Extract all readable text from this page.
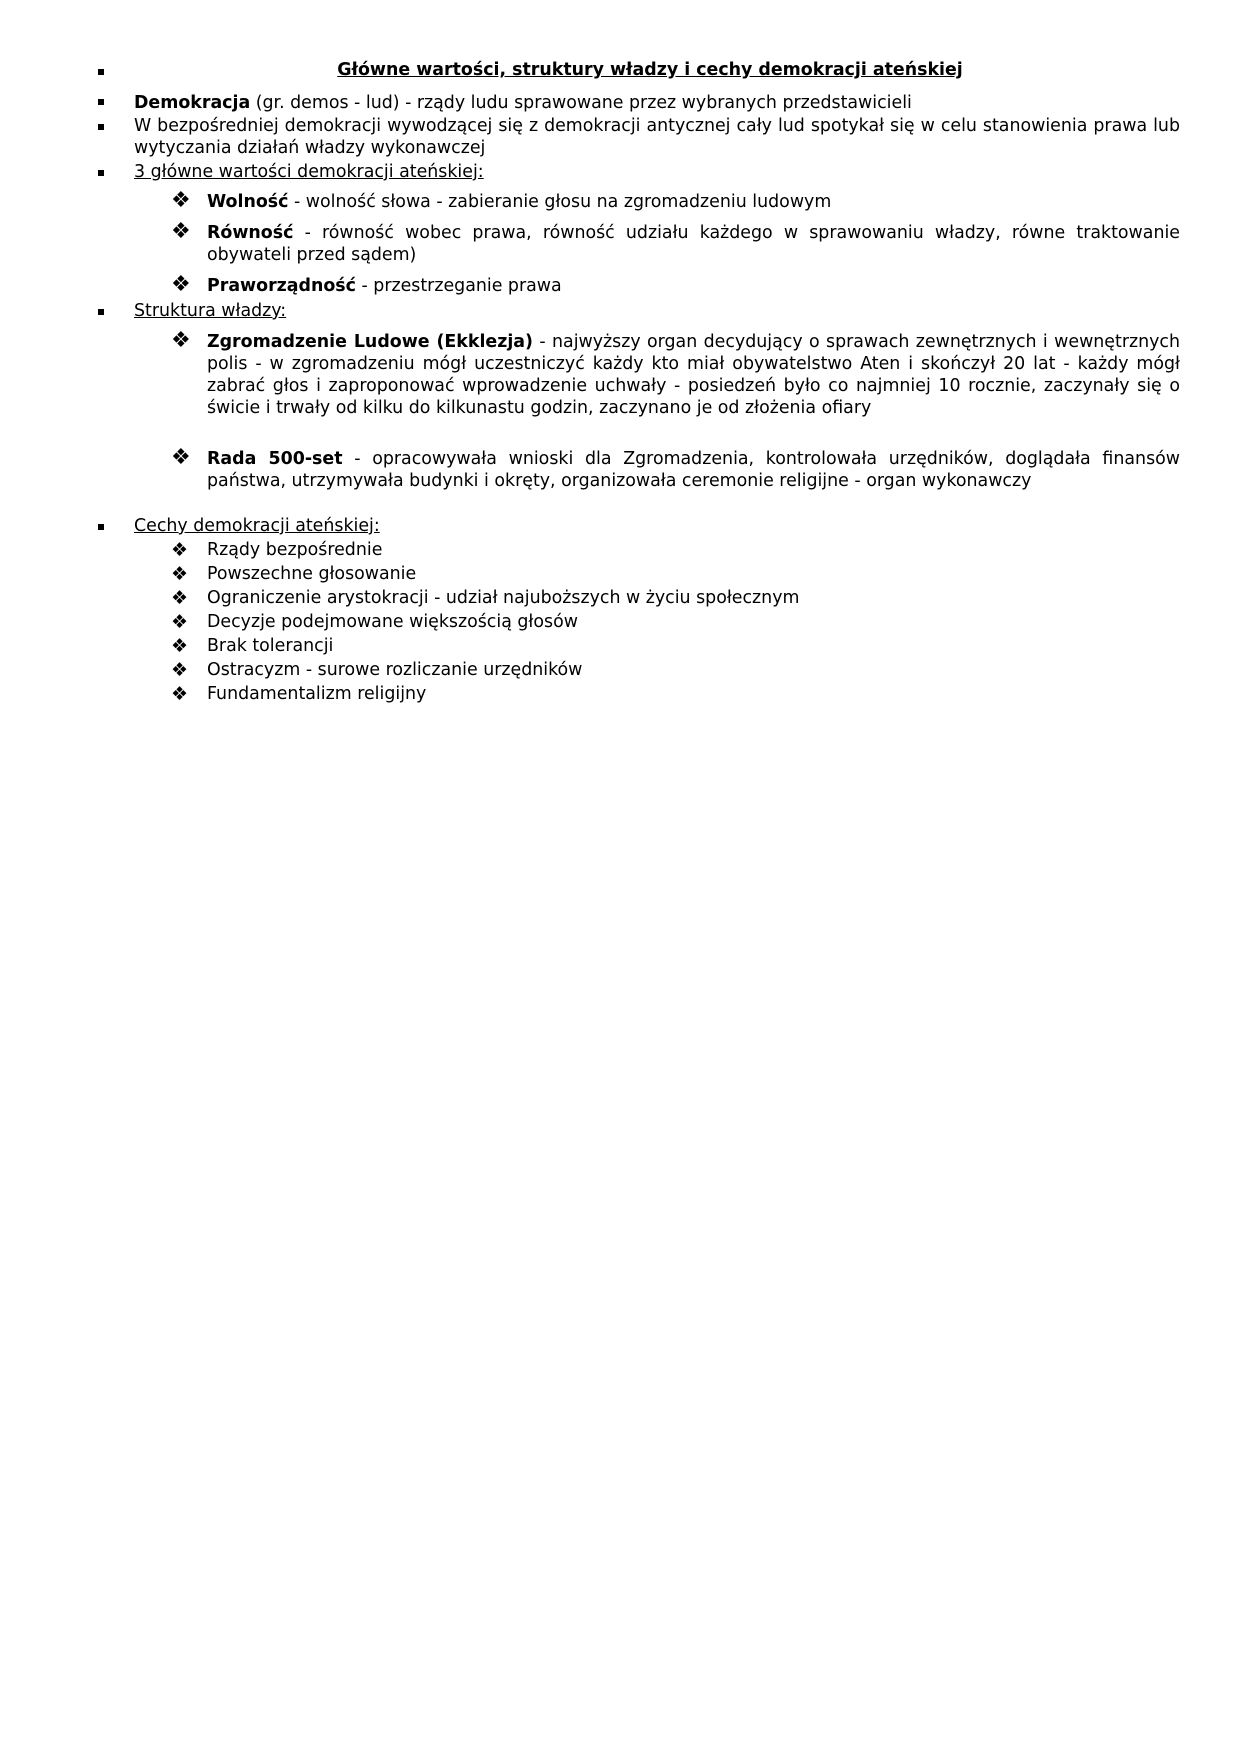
Główne wartości, struktury władzy i cechy demokracji ateńskiej
Demokracja (gr. demos - lud) - rządy ludu sprawowane przez wybranych przedstawicieli
W bezpośredniej demokracji wywodzącej się z demokracji antycznej cały lud spotykał się w celu stanowienia prawa lub wytyczania działań władzy wykonawczej
3 główne wartości demokracji ateńskiej:
❖ Wolność - wolność słowa - zabieranie głosu na zgromadzeniu ludowym
❖ Równość - równość wobec prawa, równość udziału każdego w sprawowaniu władzy, równe traktowanie obywateli przed sądem)
❖ Praworządność - przestrzeganie prawa
Struktura władzy:
❖ Zgromadzenie Ludowe (Ekklezja) - najwyższy organ decydujący o sprawach zewnętrznych i wewnętrznych polis - w zgromadzeniu mógł uczestniczyć każdy kto miał obywatelstwo Aten i skończył 20 lat - każdy mógł zabrać głos i zaproponować wprowadzenie uchwały - posiedzeń było co najmniej 10 rocznie, zaczynały się o świcie i trwały od kilku do kilkunastu godzin, zaczynano je od złożenia ofiary
❖ Rada 500-set - opracowywała wnioski dla Zgromadzenia, kontrolowała urzędników, doglądała finansów państwa, utrzymywała budynki i okręty, organizowała ceremonie religijne - organ wykonawczy
Cechy demokracji ateńskiej:
❖ Rządy bezpośrednie
❖ Powszechne głosowanie
❖ Ograniczenie arystokracji - udział najuboższych w życiu społecznym
❖ Decyzje podejmowane większością głosów
❖ Brak tolerancji
❖ Ostracyzm - surowe rozliczanie urzędników
❖ Fundamentalizm religijny
